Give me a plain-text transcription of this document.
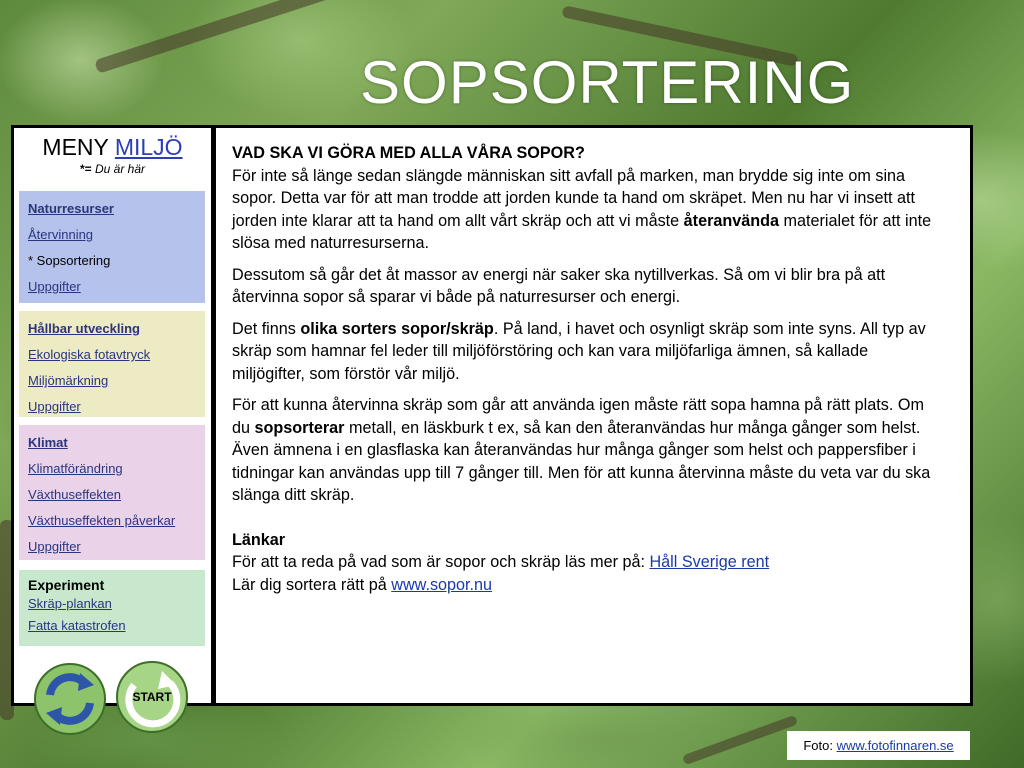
SOPSORTERING
MENY MILJÖ
*= Du är här
Naturresurser
Återvinning
* Sopsortering
Uppgifter
Hållbar utveckling
Ekologiska fotavtryck
Miljömärkning
Uppgifter
Klimat
Klimatförändring
Växthuseffekten
Växthuseffekten påverkar
Uppgifter
Experiment
Skräp-plankan
Fatta katastrofen
START

VAD SKA VI GÖRA MED ALLA VÅRA SOPOR?

För inte så länge sedan slängde människan sitt avfall på marken, man brydde sig inte om sina sopor. Detta var för att man trodde att jorden kunde ta hand om skräpet. Men nu har vi insett att jorden inte klarar att ta hand om allt vårt skräp och att vi måste återanvända materialet för att inte slösa med naturresurserna.

Dessutom så går det åt massor av energi när saker ska nytillverkas. Så om vi blir bra på att återvinna sopor så sparar vi både på naturresurser och energi.

Det finns olika sorters sopor/skräp. På land, i havet och osynligt skräp som inte syns. All typ av skräp som hamnar fel leder till miljöförstöring och kan vara miljöfarliga ämnen, så kallade miljögifter, som förstör vår miljö.

För att kunna återvinna skräp som går att använda igen måste rätt sopa hamna på rätt plats. Om du sopsorterar metall, en läskburk t ex, så kan den återanvändas hur många gånger som helst. Även ämnena i en glasflaska kan återanvändas hur många gånger som helst och pappersfiber i tidningar kan användas upp till 7 gånger till. Men för att kunna återvinna måste du veta var du ska slänga ditt skräp.

Länkar
För att ta reda på vad som är sopor och skräp läs mer på: Håll Sverige rent
Lär dig sortera rätt på www.sopor.nu
Foto: www.fotofinnaren.se
